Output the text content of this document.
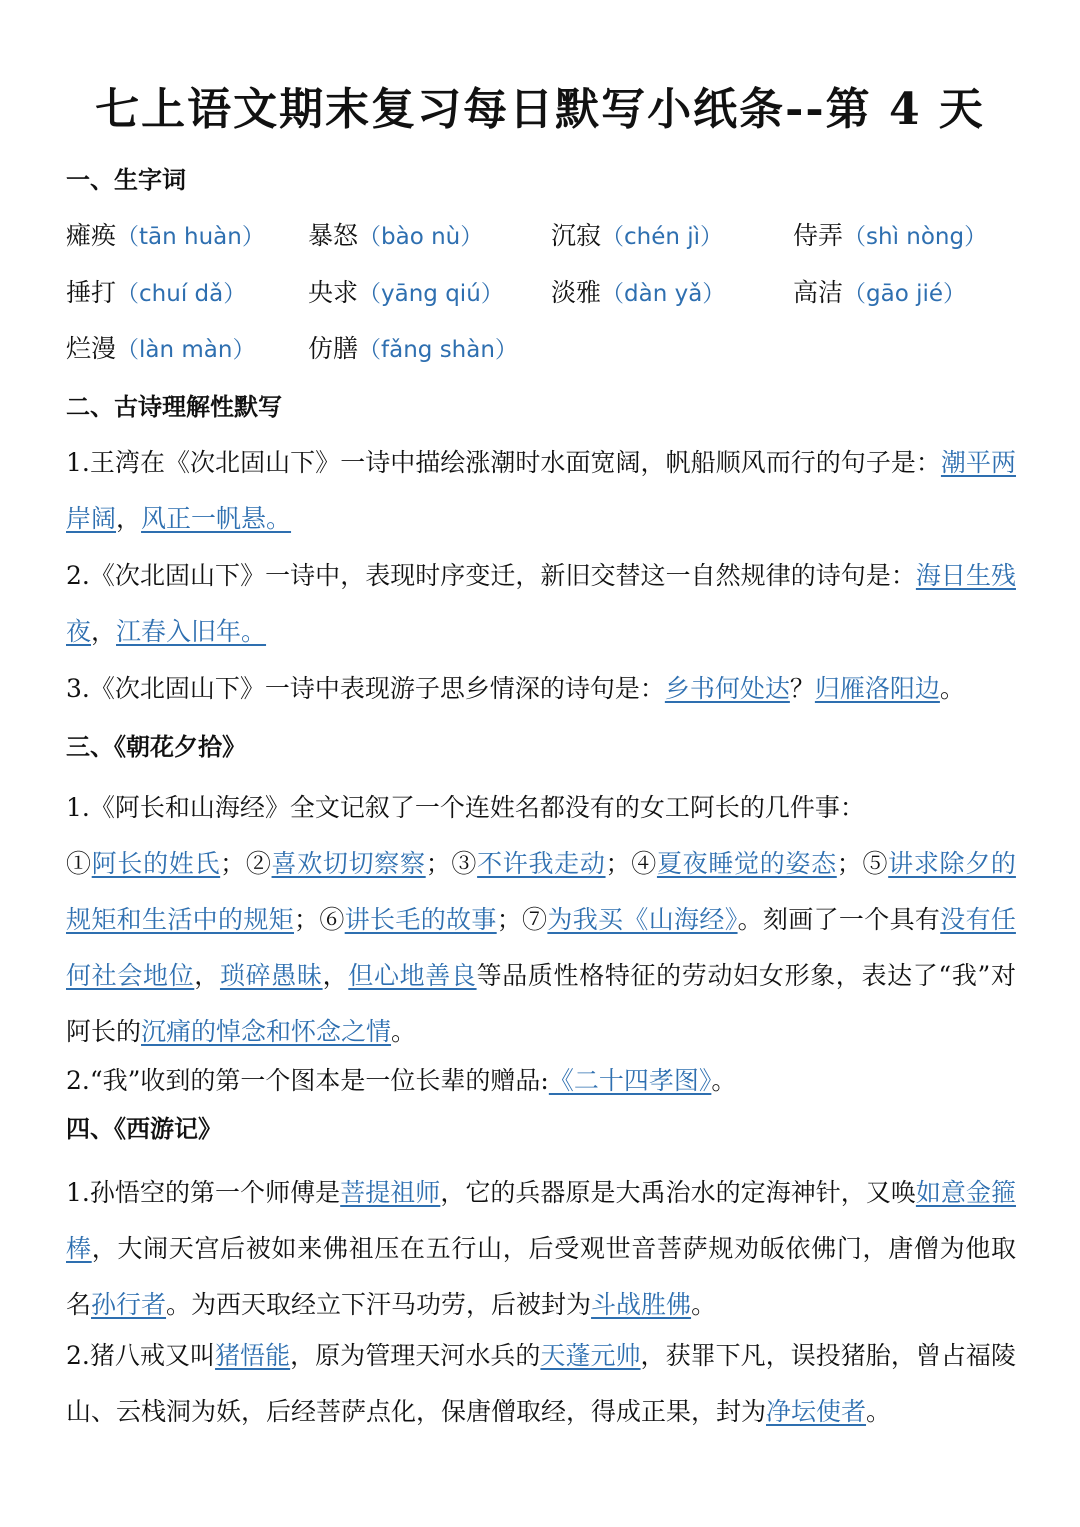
七上语文期末复习每日默写小纸条--第 4 天
一、生字词
瘫痪（tān huàn） 暴怒（bào nù）	沉寂（chén jì）	侍弄（shì nòng）
捶打（chuí dǎ） 央求（yāng qiú） 淡雅（dàn yǎ）	高洁（gāo jié）
烂漫（làn màn） 仿膳（fǎng shàn）
二、古诗理解性默写

1.王湾在《次北固山下》一诗中描绘涨潮时水面宽阔，帆船顺风而行的句子是：潮平两岸阔，风正一帆悬。

2.《次北固山下》一诗中，表现时序变迁，新旧交替这一自然规律的诗句是：海日生残夜，江春入旧年。

3.《次北固山下》一诗中表现游子思乡情深的诗句是：乡书何处达？归雁洛阳边。

三、《朝花夕拾》

1.《阿长和山海经》全文记叙了一个连姓名都没有的女工阿长的几件事：
①阿长的姓氏；②喜欢切切察察；③不许我走动；④夏夜睡觉的姿态；⑤讲求除夕的规矩和生活中的规矩；⑥讲长毛的故事；⑦为我买《山海经》。刻画了一个具有没有任何社会地位，琐碎愚昧，但心地善良等品质性格特征的劳动妇女形象，表达了“我”对阿长的沉痛的悼念和怀念之情。

2.“我”收到的第一个图本是一位长辈的赠品:《二十四孝图》。

四、《西游记》

1.孙悟空的第一个师傅是菩提祖师，它的兵器原是大禹治水的定海神针，又唤如意金箍棒，大闹天宫后被如来佛祖压在五行山，后受观世音菩萨规劝皈依佛门，唐僧为他取名孙行者。为西天取经立下汗马功劳，后被封为斗战胜佛。

2.猪八戒又叫猪悟能，原为管理天河水兵的天蓬元帅，获罪下凡，误投猪胎，曾占福陵山、云栈洞为妖，后经菩萨点化，保唐僧取经，得成正果，封为净坛使者。
